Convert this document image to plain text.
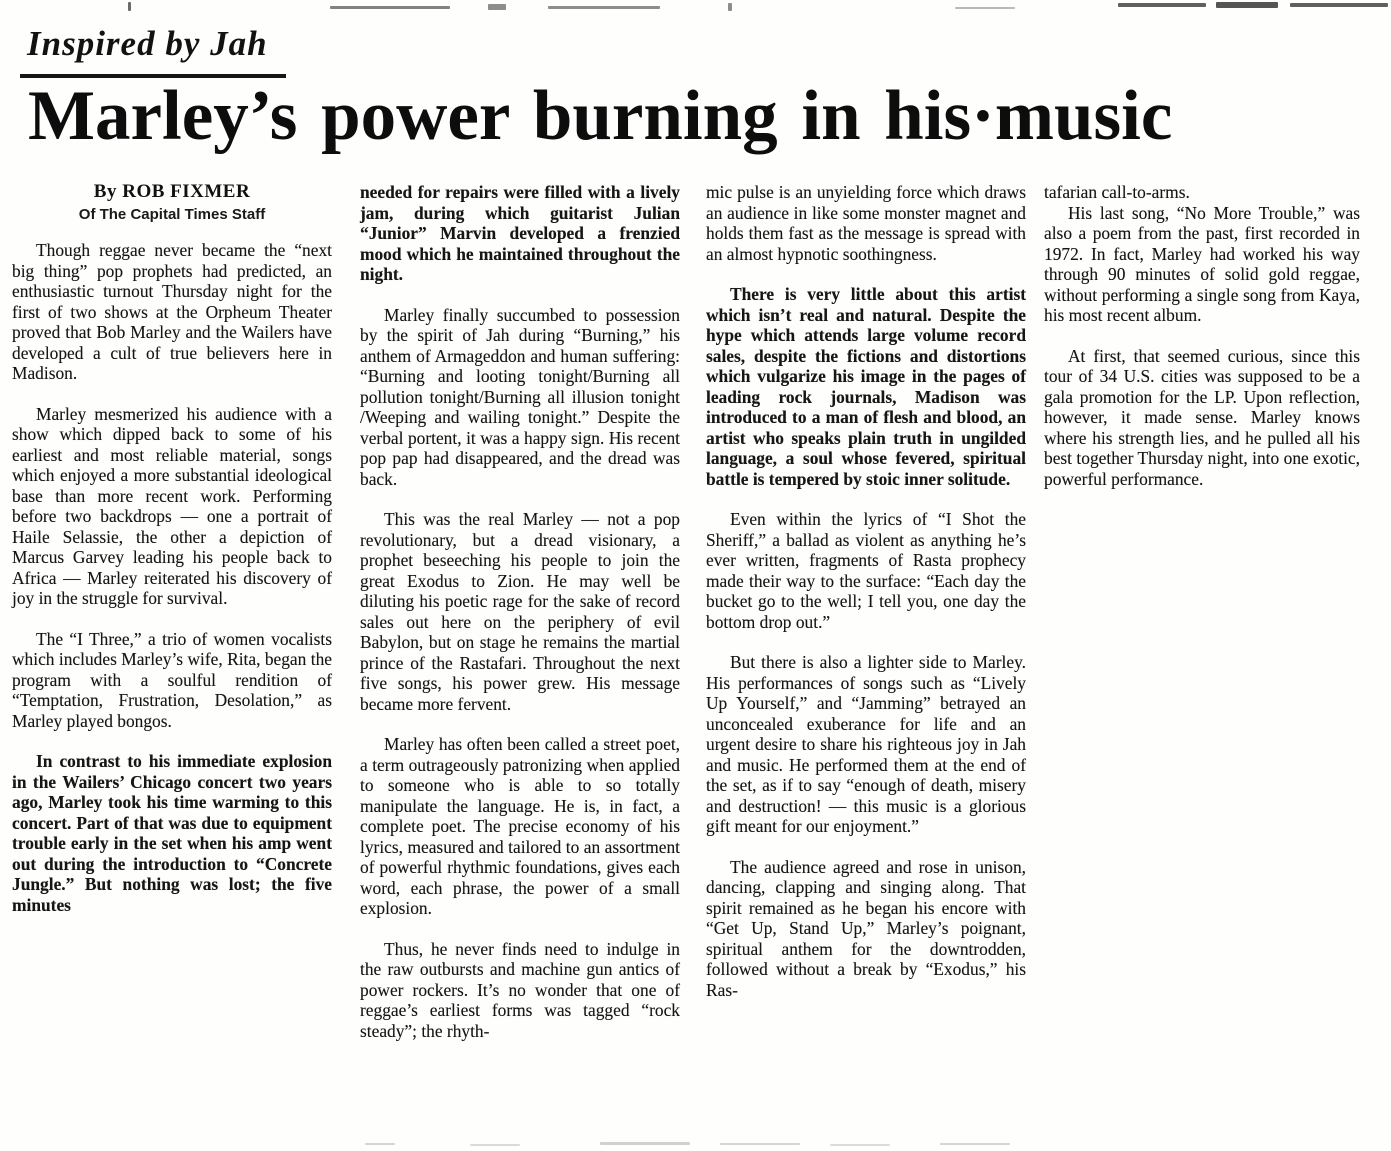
Inspired by Jah
Marley’s power burning in his·music
By ROB FIXMER
Of The Capital Times Staff

Though reggae never became the “next big thing” pop prophets had predicted, an enthusiastic turnout Thursday night for the first of two shows at the Orpheum Theater proved that Bob Marley and the Wailers have developed a cult of true believers here in Madison.

Marley mesmerized his audience with a show which dipped back to some of his earliest and most reliable material, songs which enjoyed a more substantial ideological base than more recent work. Performing before two backdrops — one a portrait of Haile Selassie, the other a depiction of Marcus Garvey leading his people back to Africa — Marley reiterated his discovery of joy in the struggle for survival.

The “I Three,” a trio of women vocalists which includes Marley’s wife, Rita, began the program with a soulful rendition of “Temptation, Frustration, Desolation,” as Marley played bongos.

In contrast to his immediate explosion in the Wailers’ Chicago concert two years ago, Marley took his time warming to this concert. Part of that was due to equipment trouble early in the set when his amp went out during the introduction to “Concrete Jungle.” But nothing was lost; the five minutes

needed for repairs were filled with a lively jam, during which guitarist Julian “Junior” Marvin developed a frenzied mood which he maintained throughout the night.

Marley finally succumbed to possession by the spirit of Jah during “Burning,” his anthem of Armageddon and human suffering: “Burning and looting tonight/Burning all pollution tonight/Burning all illusion tonight /Weeping and wailing tonight.” Despite the verbal portent, it was a happy sign. His recent pop pap had disappeared, and the dread was back.

This was the real Marley — not a pop revolutionary, but a dread visionary, a prophet beseeching his people to join the great Exodus to Zion. He may well be diluting his poetic rage for the sake of record sales out here on the periphery of evil Babylon, but on stage he remains the martial prince of the Rastafari. Throughout the next five songs, his power grew. His message became more fervent.

Marley has often been called a street poet, a term outrageously patronizing when applied to someone who is able to so totally manipulate the language. He is, in fact, a complete poet. The precise economy of his lyrics, measured and tailored to an assortment of powerful rhythmic foundations, gives each word, each phrase, the power of a small explosion.

Thus, he never finds need to indulge in the raw outbursts and machine gun antics of power rockers. It’s no wonder that one of reggae’s earliest forms was tagged “rock steady”; the rhyth-

mic pulse is an unyielding force which draws an audience in like some monster magnet and holds them fast as the message is spread with an almost hypnotic soothingness.

There is very little about this artist which isn’t real and natural. Despite the hype which attends large volume record sales, despite the fictions and distortions which vulgarize his image in the pages of leading rock journals, Madison was introduced to a man of flesh and blood, an artist who speaks plain truth in ungilded language, a soul whose fevered, spiritual battle is tempered by stoic inner solitude.

Even within the lyrics of “I Shot the Sheriff,” a ballad as violent as anything he’s ever written, fragments of Rasta prophecy made their way to the surface: “Each day the bucket go to the well; I tell you, one day the bottom drop out.”

But there is also a lighter side to Marley. His performances of songs such as “Lively Up Yourself,” and “Jamming” betrayed an unconcealed exuberance for life and an urgent desire to share his righteous joy in Jah and music. He performed them at the end of the set, as if to say “enough of death, misery and destruction! — this music is a glorious gift meant for our enjoyment.”

The audience agreed and rose in unison, dancing, clapping and singing along. That spirit remained as he began his encore with “Get Up, Stand Up,” Marley’s poignant, spiritual anthem for the downtrodden, followed without a break by “Exodus,” his Ras-

tafarian call-to-arms.

His last song, “No More Trouble,” was also a poem from the past, first recorded in 1972. In fact, Marley had worked his way through 90 minutes of solid gold reggae, without performing a single song from Kaya, his most recent album.

At first, that seemed curious, since this tour of 34 U.S. cities was supposed to be a gala promotion for the LP. Upon reflection, however, it made sense. Marley knows where his strength lies, and he pulled all his best together Thursday night, into one exotic, powerful performance.
